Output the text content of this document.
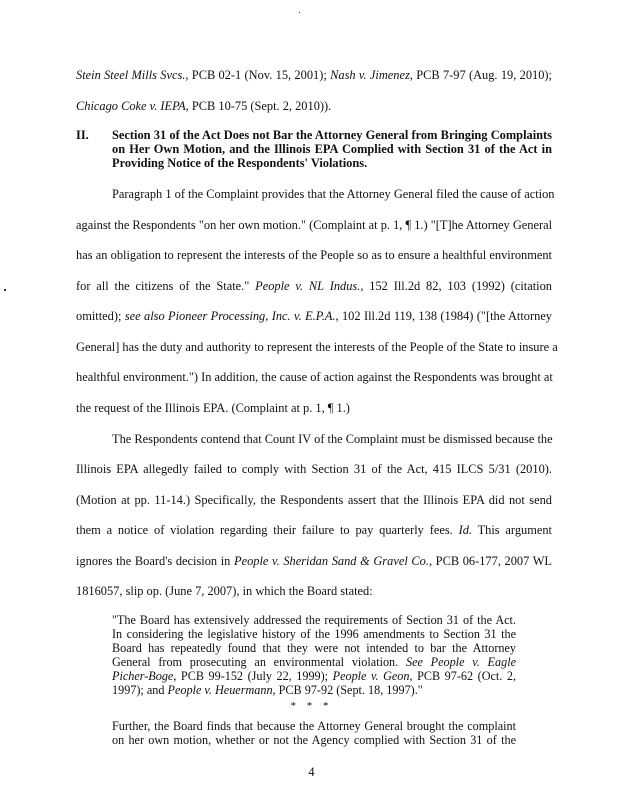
Stein Steel Mills Svcs., PCB 02-1 (Nov. 15, 2001); Nash v. Jimenez, PCB 7-97 (Aug. 19, 2010);
Chicago Coke v. IEPA, PCB 10-75 (Sept. 2, 2010)).
II. Section 31 of the Act Does not Bar the Attorney General from Bringing Complaints
on Her Own Motion, and the Illinois EPA Complied with Section 31 of the Act in
Providing Notice of the Respondents' Violations.
Paragraph 1 of the Complaint provides that the Attorney General filed the cause of action
against the Respondents "on her own motion." (Complaint at p. 1, ¶ 1.) "[T]he Attorney General
has an obligation to represent the interests of the People so as to ensure a healthful environment
for all the citizens of the State." People v. NL Indus., 152 Ill.2d 82, 103 (1992) (citation
omitted); see also Pioneer Processing, Inc. v. E.P.A., 102 Ill.2d 119, 138 (1984) ("[the Attorney
General] has the duty and authority to represent the interests of the People of the State to insure a
healthful environment.") In addition, the cause of action against the Respondents was brought at
the request of the Illinois EPA. (Complaint at p. 1, ¶ 1.)
The Respondents contend that Count IV of the Complaint must be dismissed because the
Illinois EPA allegedly failed to comply with Section 31 of the Act, 415 ILCS 5/31 (2010).
(Motion at pp. 11-14.) Specifically, the Respondents assert that the Illinois EPA did not send
them a notice of violation regarding their failure to pay quarterly fees. Id. This argument
ignores the Board's decision in People v. Sheridan Sand & Gravel Co., PCB 06-177, 2007 WL
1816057, slip op. (June 7, 2007), in which the Board stated:
"The Board has extensively addressed the requirements of Section 31 of the Act.
In considering the legislative history of the 1996 amendments to Section 31 the
Board has repeatedly found that they were not intended to bar the Attorney
General from prosecuting an environmental violation. See People v. Eagle
Picher-Boge, PCB 99-152 (July 22, 1999); People v. Geon, PCB 97-62 (Oct. 2,
1997); and People v. Heuermann, PCB 97-92 (Sept. 18, 1997)."
* * *
Further, the Board finds that because the Attorney General brought the complaint
on her own motion, whether or not the Agency complied with Section 31 of the
4
